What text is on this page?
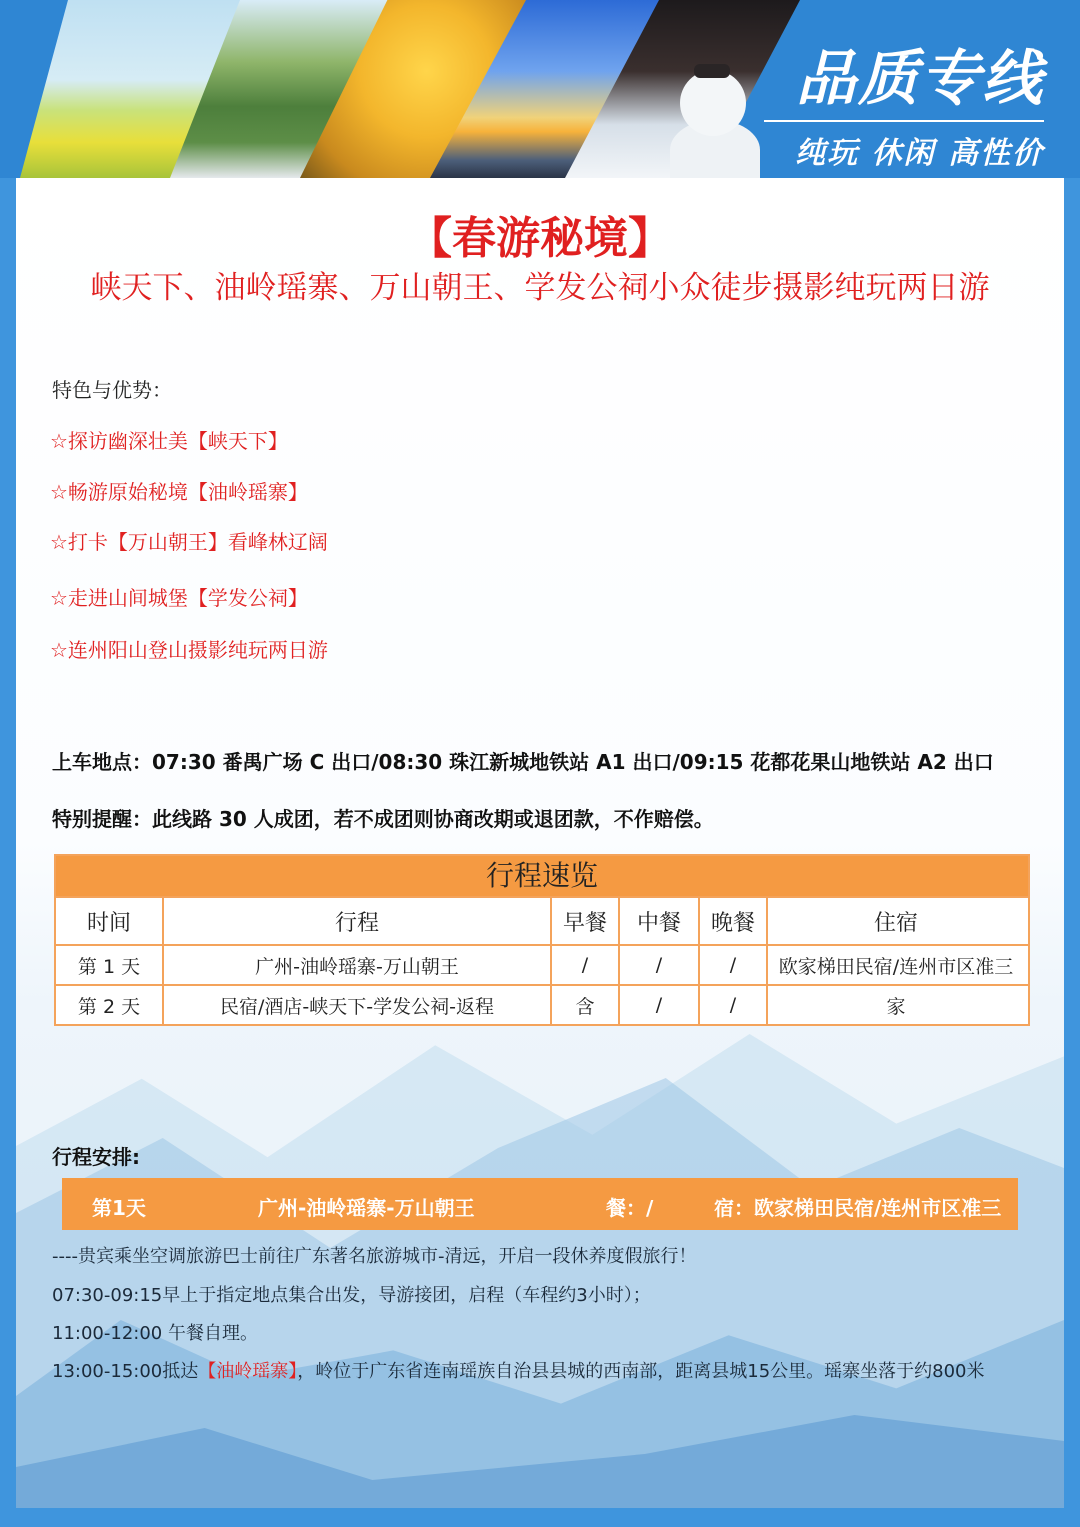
品质专线
纯玩 休闲 高性价
【春游秘境】
峡天下、油岭瑶寨、万山朝王、学发公祠小众徒步摄影纯玩两日游
特色与优势：
☆探访幽深壮美【峡天下】
☆畅游原始秘境【油岭瑶寨】
☆打卡【万山朝王】看峰林辽阔
☆走进山间城堡【学发公祠】
☆连州阳山登山摄影纯玩两日游
上车地点：07:30 番禺广场 C 出口/08:30 珠江新城地铁站 A1 出口/09:15 花都花果山地铁站 A2 出口
特别提醒：此线路 30 人成团，若不成团则协商改期或退团款，不作赔偿。
行程速览
时间	行程	早餐	中餐	晚餐	住宿
第 1 天	广州-油岭瑶寨-万山朝王	/	/	/	欧家梯田民宿/连州市区准三
第 2 天	民宿/酒店-峡天下-学发公祠-返程	含	/	/	家
行程安排:
第1天	广州-油岭瑶寨-万山朝王	餐：/	宿：欧家梯田民宿/连州市区准三
----贵宾乘坐空调旅游巴士前往广东著名旅游城市-清远，开启一段休养度假旅行！
07:30-09:15早上于指定地点集合出发，导游接团，启程（车程约3小时）；
11:00-12:00 午餐自理。
13:00-15:00抵达【油岭瑶寨】，岭位于广东省连南瑶族自治县县城的西南部，距离县城15公里。瑶寨坐落于约800米
